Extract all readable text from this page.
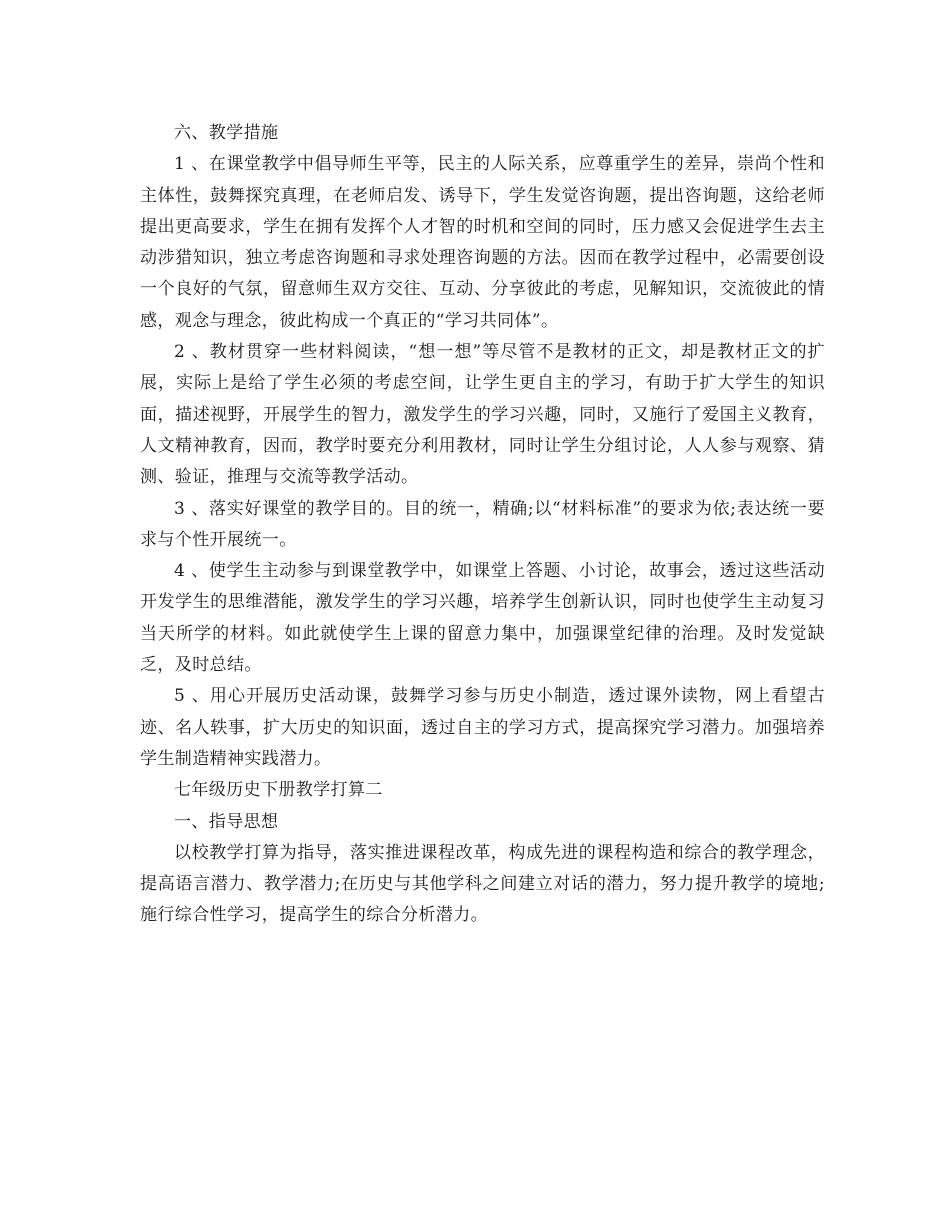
六、教学措施

1 、在课堂教学中倡导师生平等，民主的人际关系，应尊重学生的差异，崇尚个性和主体性，鼓舞探究真理，在老师启发、诱导下，学生发觉咨询题，提出咨询题，这给老师提出更高要求，学生在拥有发挥个人才智的时机和空间的同时，压力感又会促进学生去主动涉猎知识，独立考虑咨询题和寻求处理咨询题的方法。因而在教学过程中，必需要创设一个良好的气氛，留意师生双方交往、互动、分享彼此的考虑，见解知识，交流彼此的情感，观念与理念，彼此构成一个真正的“学习共同体”。

2 、教材贯穿一些材料阅读，“想一想”等尽管不是教材的正文，却是教材正文的扩展，实际上是给了学生必须的考虑空间，让学生更自主的学习，有助于扩大学生的知识面，描述视野，开展学生的智力，激发学生的学习兴趣，同时，又施行了爱国主义教育，人文精神教育，因而，教学时要充分利用教材，同时让学生分组讨论，人人参与观察、猜测、验证，推理与交流等教学活动。

3 、落实好课堂的教学目的。目的统一，精确;以“材料标准”的要求为依;表达统一要求与个性开展统一。

4 、使学生主动参与到课堂教学中，如课堂上答题、小讨论，故事会，透过这些活动开发学生的思维潜能，激发学生的学习兴趣，培养学生创新认识，同时也使学生主动复习当天所学的材料。如此就使学生上课的留意力集中，加强课堂纪律的治理。及时发觉缺乏，及时总结。

5 、用心开展历史活动课，鼓舞学习参与历史小制造，透过课外读物，网上看望古迹、名人轶事，扩大历史的知识面，透过自主的学习方式，提高探究学习潜力。加强培养学生制造精神实践潜力。

七年级历史下册教学打算二

一、指导思想

以校教学打算为指导，落实推进课程改革，构成先进的课程构造和综合的教学理念，提高语言潜力、教学潜力;在历史与其他学科之间建立对话的潜力，努力提升教学的境地;施行综合性学习，提高学生的综合分析潜力。
